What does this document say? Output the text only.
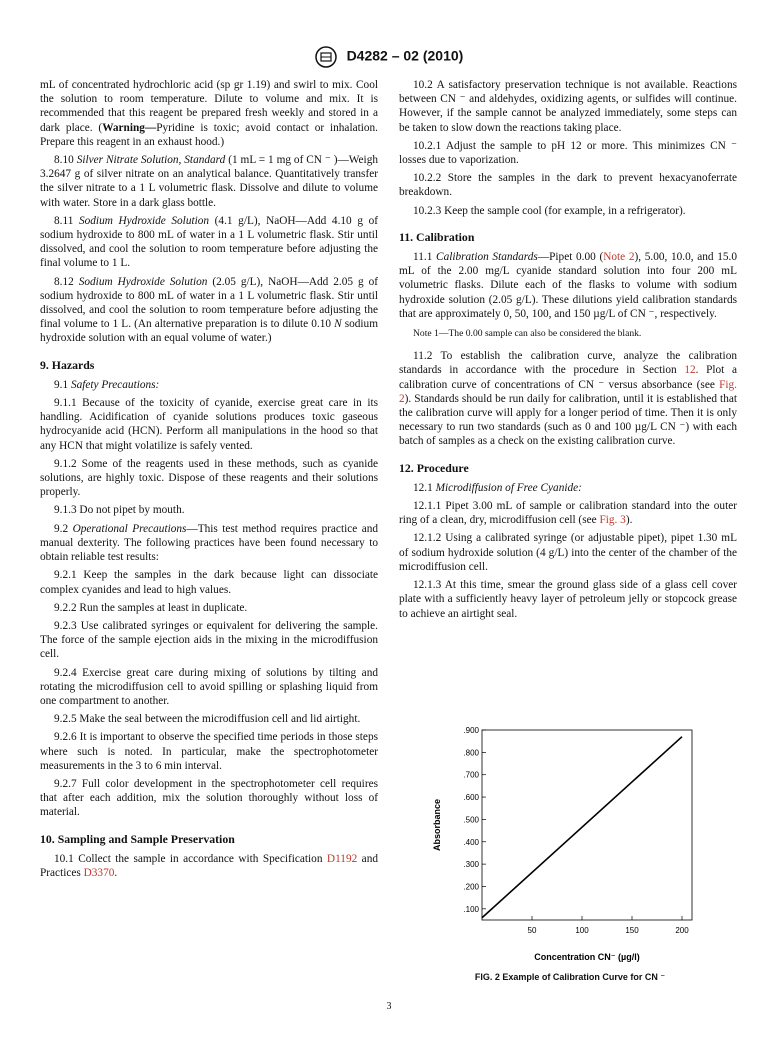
D4282 – 02 (2010)

mL of concentrated hydrochloric acid (sp gr 1.19) and swirl to mix. Cool the solution to room temperature. Dilute to volume and mix. It is recommended that this reagent be prepared fresh weekly and stored in a dark place. (Warning—Pyridine is toxic; avoid contact or inhalation. Prepare this reagent in an exhaust hood.)

8.10 Silver Nitrate Solution, Standard (1 mL = 1 mg of CN ⁻ )—Weigh 3.2647 g of silver nitrate on an analytical balance. Quantitatively transfer the silver nitrate to a 1 L volumetric flask. Dissolve and dilute to volume with water. Store in a dark glass bottle.

8.11 Sodium Hydroxide Solution (4.1 g/L), NaOH—Add 4.10 g of sodium hydroxide to 800 mL of water in a 1 L volumetric flask. Stir until dissolved, and cool the solution to room temperature before adjusting the final volume to 1 L.

8.12 Sodium Hydroxide Solution (2.05 g/L), NaOH—Add 2.05 g of sodium hydroxide to 800 mL of water in a 1 L volumetric flask. Stir until dissolved, and cool the solution to room temperature before adjusting the final volume to 1 L. (An alternative preparation is to dilute 0.10 N sodium hydroxide solution with an equal volume of water.)

9. Hazards

9.1 Safety Precautions:

9.1.1 Because of the toxicity of cyanide, exercise great care in its handling. Acidification of cyanide solutions produces toxic gaseous hydrocyanide acid (HCN). Perform all manipulations in the hood so that any HCN that might volatilize is safely vented.

9.1.2 Some of the reagents used in these methods, such as cyanide solutions, are highly toxic. Dispose of these reagents and their solutions properly.

9.1.3 Do not pipet by mouth.

9.2 Operational Precautions—This test method requires practice and manual dexterity. The following practices have been found necessary to obtain reliable test results:

9.2.1 Keep the samples in the dark because light can dissociate complex cyanides and lead to high values.

9.2.2 Run the samples at least in duplicate.

9.2.3 Use calibrated syringes or equivalent for delivering the sample. The force of the sample ejection aids in the mixing in the microdiffusion cell.

9.2.4 Exercise great care during mixing of solutions by tilting and rotating the microdiffusion cell to avoid spilling or splashing liquid from one compartment to another.

9.2.5 Make the seal between the microdiffusion cell and lid airtight.

9.2.6 It is important to observe the specified time periods in those steps where such is noted. In particular, make the spectrophotometer measurements in the 3 to 6 min interval.

9.2.7 Full color development in the spectrophotometer cell requires that after each addition, mix the solution thoroughly without loss of material.

10. Sampling and Sample Preservation

10.1 Collect the sample in accordance with Specification D1192 and Practices D3370.

10.2 A satisfactory preservation technique is not available. Reactions between CN ⁻ and aldehydes, oxidizing agents, or sulfides will continue. However, if the sample cannot be analyzed immediately, some steps can be taken to slow down the reactions taking place.

10.2.1 Adjust the sample to pH 12 or more. This minimizes CN ⁻ losses due to vaporization.

10.2.2 Store the samples in the dark to prevent hexacyanoferrate breakdown.

10.2.3 Keep the sample cool (for example, in a refrigerator).

11. Calibration

11.1 Calibration Standards—Pipet 0.00 (Note 2), 5.00, 10.0, and 15.0 mL of the 2.00 mg/L cyanide standard solution into four 200 mL volumetric flasks. Dilute each of the flasks to volume with sodium hydroxide solution (2.05 g/L). These dilutions yield calibration standards that are approximately 0, 50, 100, and 150 µg/L of CN ⁻, respectively.

Note 1—The 0.00 sample can also be considered the blank.

11.2 To establish the calibration curve, analyze the calibration standards in accordance with the procedure in Section 12. Plot a calibration curve of concentrations of CN ⁻ versus absorbance (see Fig. 2). Standards should be run daily for calibration, until it is established that the calibration curve will apply for a longer period of time. Then it is only necessary to run two standards (such as 0 and 100 µg/L CN ⁻) with each batch of samples as a check on the existing calibration curve.

12. Procedure

12.1 Microdiffusion of Free Cyanide:

12.1.1 Pipet 3.00 mL of sample or calibration standard into the outer ring of a clean, dry, microdiffusion cell (see Fig. 3).

12.1.2 Using a calibrated syringe (or adjustable pipet), pipet 1.30 mL of sodium hydroxide solution (4 g/L) into the center of the chamber of the microdiffusion cell.

12.1.3 At this time, smear the ground glass side of a glass cell cover plate with a sufficiently heavy layer of petroleum jelly or stopcock grease to achieve an airtight seal.

.100
.200
.300
.400
.500
.600
.700
.800
.900
50	100	150	200
Absorbance
Concentration CN⁻ (µg/l)
FIG. 2 Example of Calibration Curve for CN ⁻
3
